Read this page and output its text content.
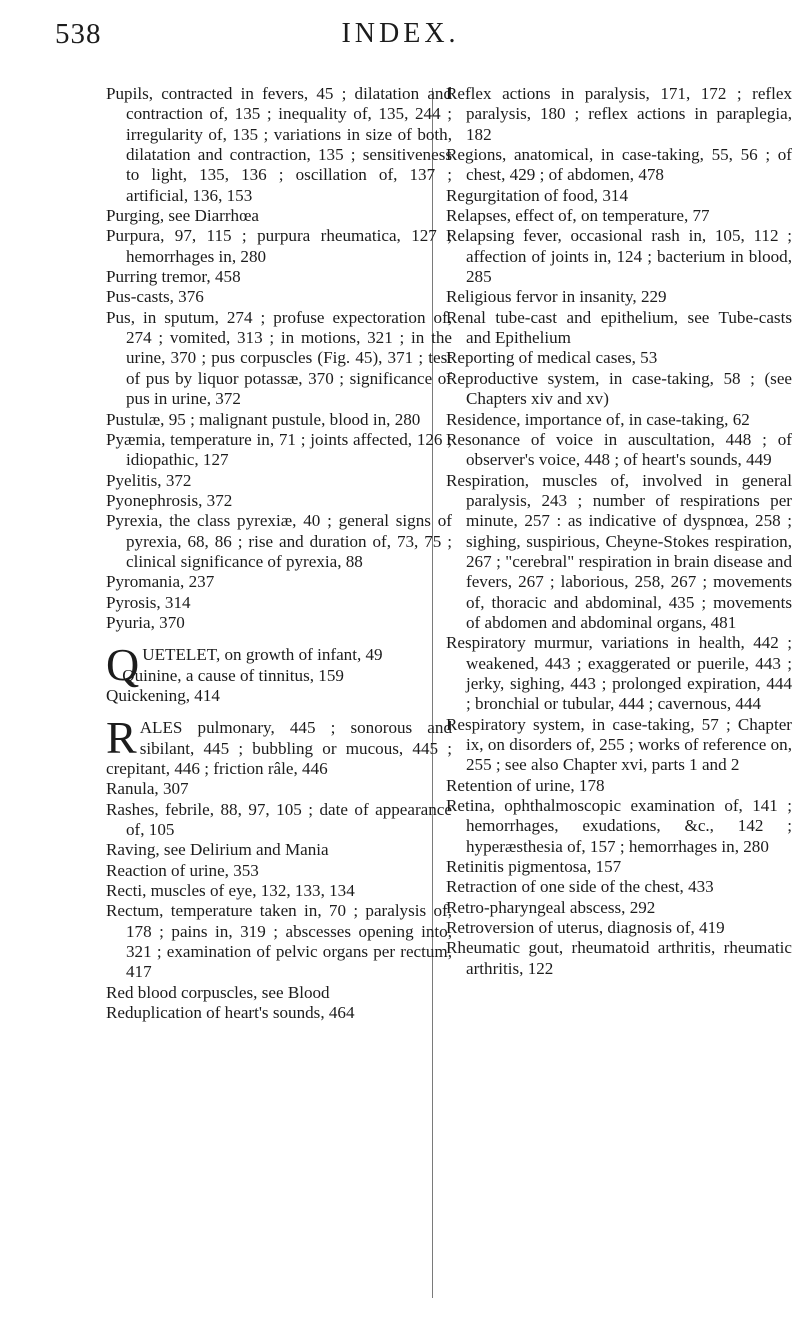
538	INDEX.

Pupils, contracted in fevers, 45 ; dilatation and contraction of, 135 ; inequality of, 135, 244 ; irregularity of, 135 ; variations in size of both, dilatation and contraction, 135 ; sensitiveness to light, 135, 136 ; oscillation of, 137 ; artificial, 136, 153

Purging, see Diarrhœa

Purpura, 97, 115 ; purpura rheumatica, 127 ; hemorrhages in, 280

Purring tremor, 458

Pus-casts, 376

Pus, in sputum, 274 ; profuse expectoration of, 274 ; vomited, 313 ; in motions, 321 ; in the urine, 370 ; pus corpuscles (Fig. 45), 371 ; test of pus by liquor potassæ, 370 ; significance of pus in urine, 372

Pustulæ, 95 ; malignant pustule, blood in, 280

Pyæmia, temperature in, 71 ; joints affected, 126 ; idiopathic, 127

Pyelitis, 372

Pyonephrosis, 372

Pyrexia, the class pyrexiæ, 40 ; general signs of pyrexia, 68, 86 ; rise and duration of, 73, 75 ; clinical significance of pyrexia, 88

Pyromania, 237

Pyrosis, 314

Pyuria, 370

QUETELET, on growth of infant, 49

Quinine, a cause of tinnitus, 159

Quickening, 414

RALES pulmonary, 445 ; sonorous and sibilant, 445 ; bubbling or mucous, 445 ; crepitant, 446 ; friction râle, 446

Ranula, 307

Rashes, febrile, 88, 97, 105 ; date of appearance of, 105

Raving, see Delirium and Mania

Reaction of urine, 353

Recti, muscles of eye, 132, 133, 134

Rectum, temperature taken in, 70 ; paralysis of, 178 ; pains in, 319 ; abscesses opening into, 321 ; examination of pelvic organs per rectum, 417

Red blood corpuscles, see Blood

Reduplication of heart's sounds, 464

Reflex actions in paralysis, 171, 172 ; reflex paralysis, 180 ; reflex actions in paraplegia, 182

Regions, anatomical, in case-taking, 55, 56 ; of chest, 429 ; of abdomen, 478

Regurgitation of food, 314

Relapses, effect of, on temperature, 77

Relapsing fever, occasional rash in, 105, 112 ; affection of joints in, 124 ; bacterium in blood, 285

Religious fervor in insanity, 229

Renal tube-cast and epithelium, see Tube-casts and Epithelium

Reporting of medical cases, 53

Reproductive system, in case-taking, 58 ; (see Chapters xiv and xv)

Residence, importance of, in case-taking, 62

Resonance of voice in auscultation, 448 ; of observer's voice, 448 ; of heart's sounds, 449

Respiration, muscles of, involved in general paralysis, 243 ; number of respirations per minute, 257 : as indicative of dyspnœa, 258 ; sighing, suspirious, Cheyne-Stokes respiration, 267 ; "cerebral" respiration in brain disease and fevers, 267 ; laborious, 258, 267 ; movements of, thoracic and abdominal, 435 ; movements of abdomen and abdominal organs, 481

Respiratory murmur, variations in health, 442 ; weakened, 443 ; exaggerated or puerile, 443 ; jerky, sighing, 443 ; prolonged expiration, 444 ; bronchial or tubular, 444 ; cavernous, 444

Respiratory system, in case-taking, 57 ; Chapter ix, on disorders of, 255 ; works of reference on, 255 ; see also Chapter xvi, parts 1 and 2

Retention of urine, 178

Retina, ophthalmoscopic examination of, 141 ; hemorrhages, exudations, &c., 142 ; hyperæsthesia of, 157 ; hemorrhages in, 280

Retinitis pigmentosa, 157

Retraction of one side of the chest, 433

Retro-pharyngeal abscess, 292

Retroversion of uterus, diagnosis of, 419

Rheumatic gout, rheumatoid arthritis, rheumatic arthritis, 122
